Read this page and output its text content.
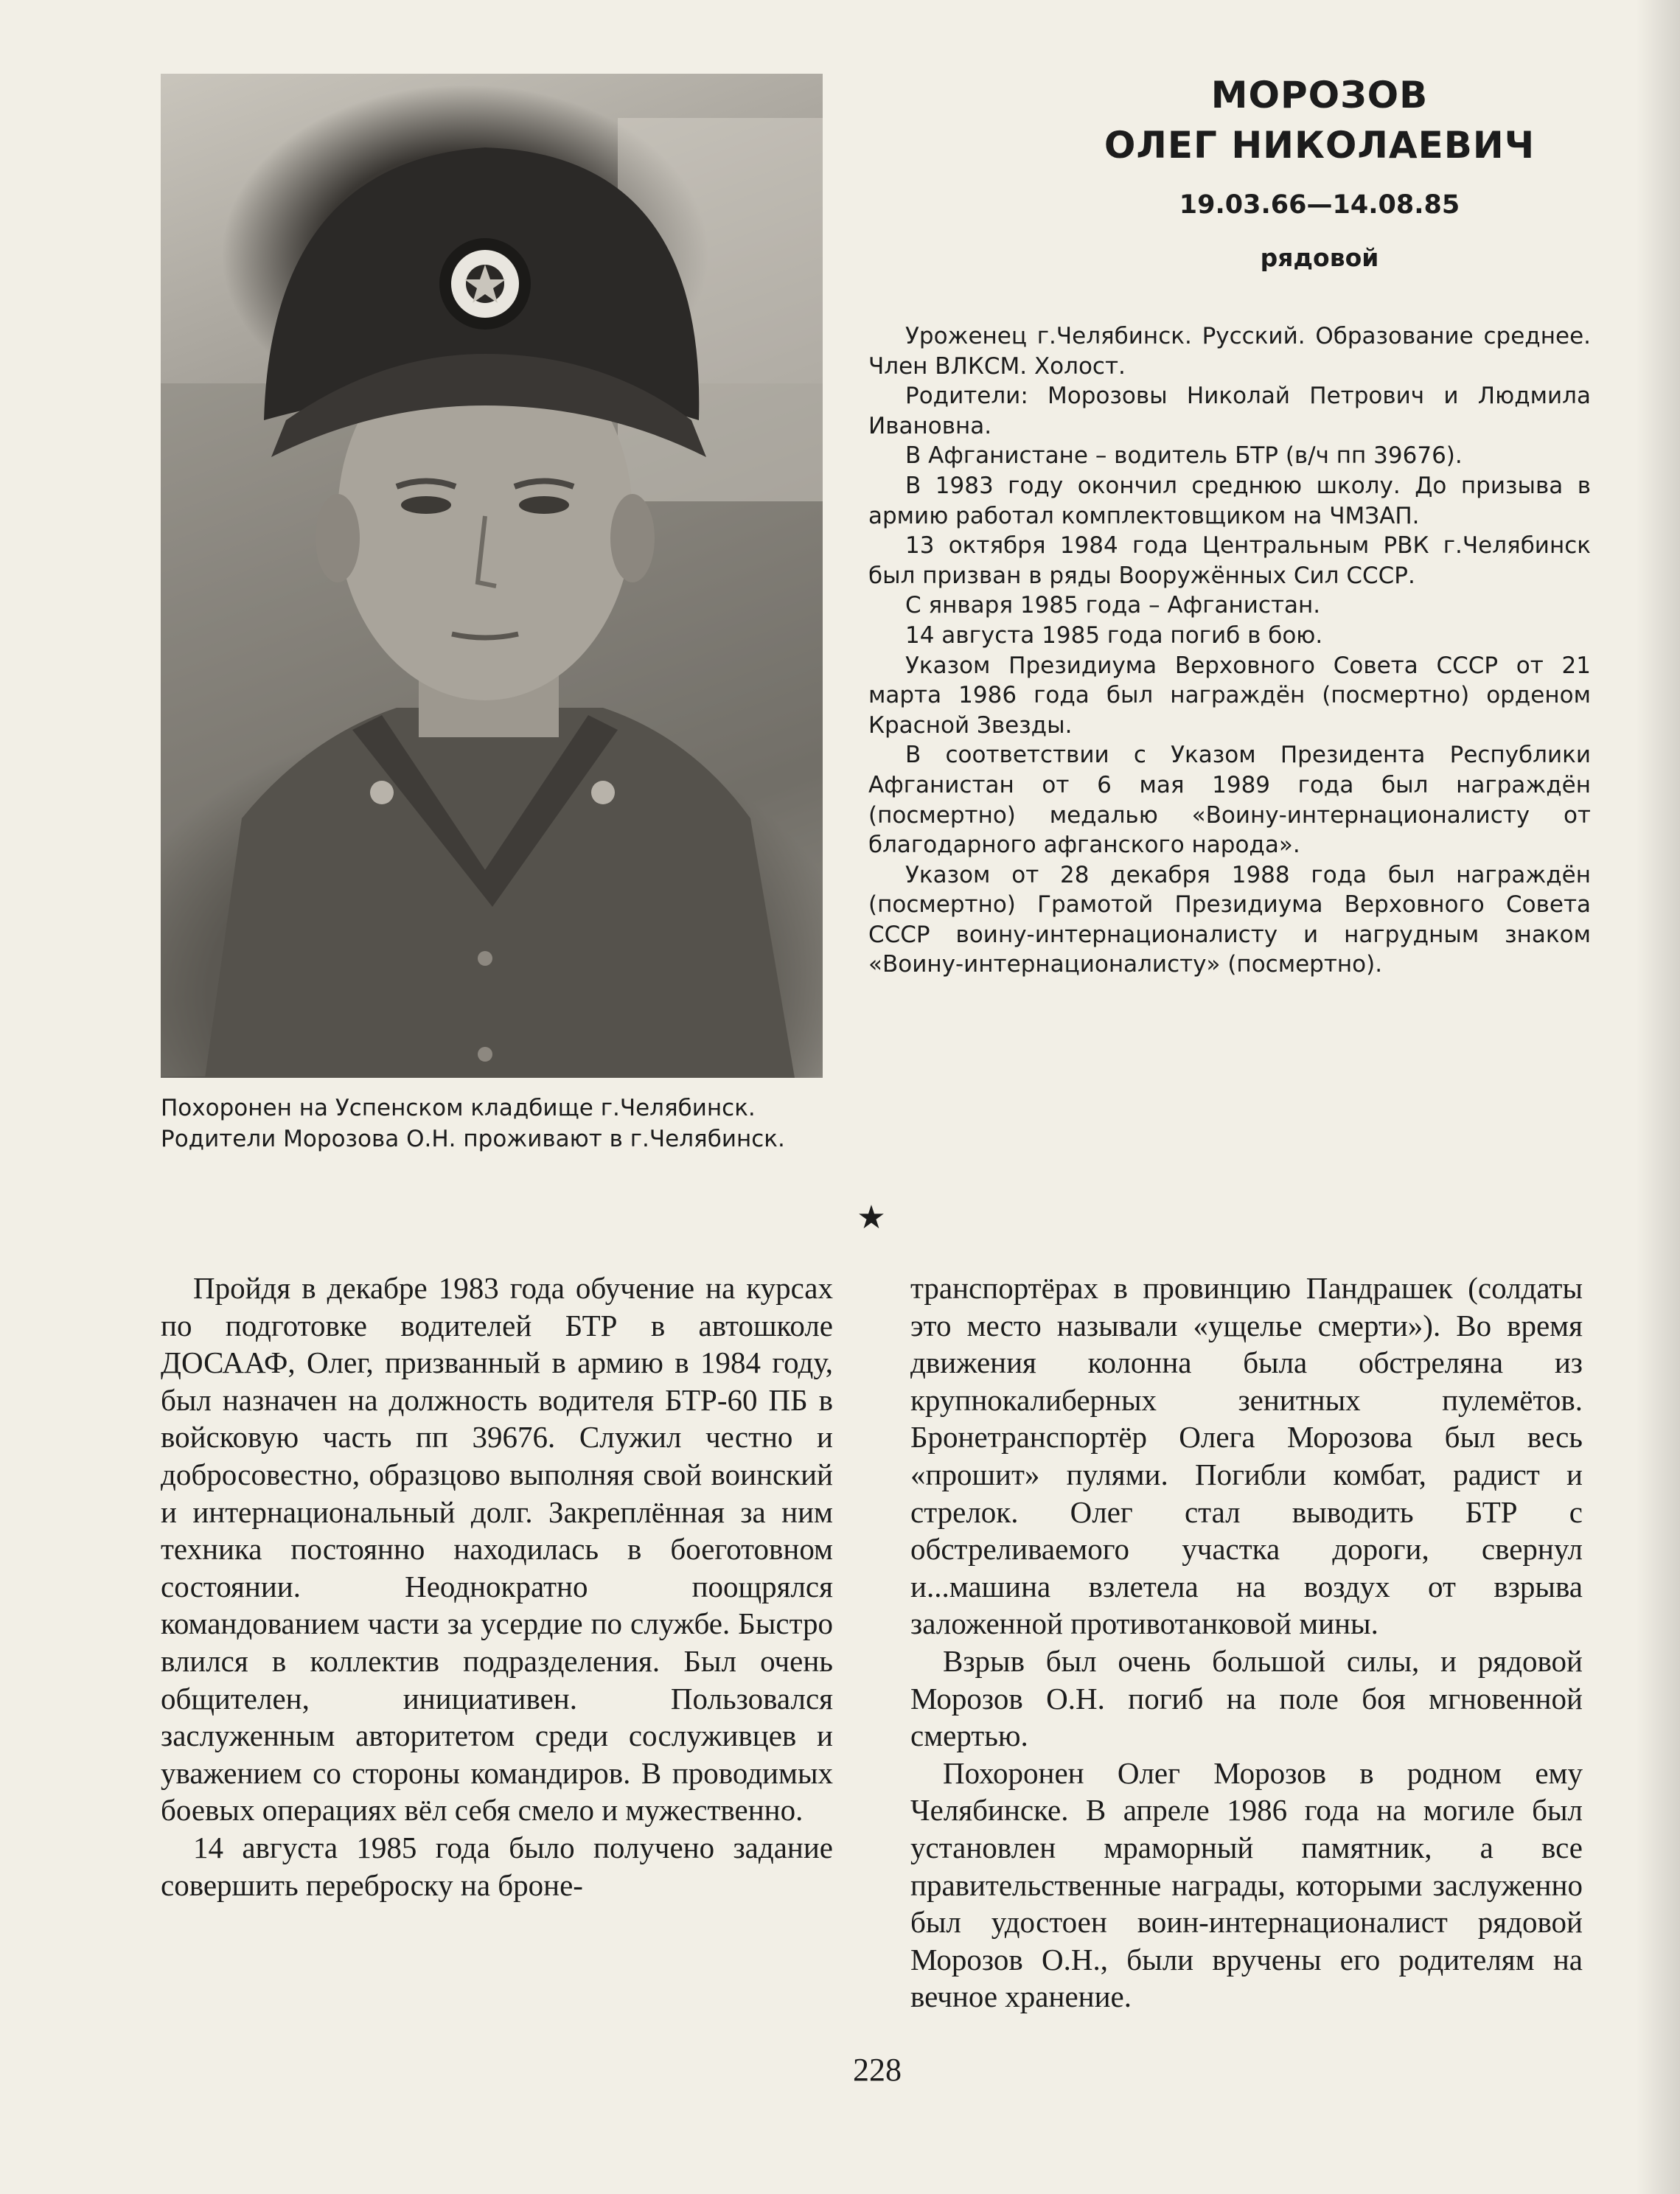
МОРОЗОВ
ОЛЕГ НИКОЛАЕВИЧ
19.03.66—14.08.85
рядовой

Уроженец г.Челябинск. Русский. Образование среднее. Член ВЛКСМ. Холост.

Родители: Морозовы Николай Петрович и Людмила Ивановна.

В Афганистане – водитель БТР (в/ч пп 39676).

В 1983 году окончил среднюю школу. До призыва в армию работал комплектовщиком на ЧМЗАП.

13 октября 1984 года Центральным РВК г.Челябинск был призван в ряды Вооружённых Сил СССР.

С января 1985 года – Афганистан.

14 августа 1985 года погиб в бою.

Указом Президиума Верховного Совета СССР от 21 марта 1986 года был награждён (посмертно) орденом Красной Звезды.

В соответствии с Указом Президента Республики Афганистан от 6 мая 1989 года был награждён (посмертно) медалью «Воину-интернационалисту от благодарного афганского народа».

Указом от 28 декабря 1988 года был награждён (посмертно) Грамотой Президиума Верховного Совета СССР воину-интернационалисту и нагрудным знаком «Воину-интернационалисту» (посмертно).

Похоронен на Успенском кладбище г.Челябинск.
Родители Морозова О.Н. проживают в г.Челябинск.
★

Пройдя в декабре 1983 года обучение на курсах по подготовке водителей БТР в автошколе ДОСААФ, Олег, призванный в армию в 1984 году, был назначен на должность водителя БТР-60 ПБ в войсковую часть пп 39676. Служил честно и добросовестно, образцово выполняя свой воинский и интернациональный долг. Закреплённая за ним техника постоянно находилась в боеготовном состоянии. Неоднократно поощрялся командованием части за усердие по службе. Быстро влился в коллектив подразделения. Был очень общителен, инициативен. Пользовался заслуженным авторитетом среди сослуживцев и уважением со стороны командиров. В проводимых боевых операциях вёл себя смело и мужественно.

14 августа 1985 года было получено задание совершить переброску на броне-

транспортёрах в провинцию Пандрашек (солдаты это место называли «ущелье смерти»). Во время движения колонна была обстреляна из крупнокалиберных зенитных пулемётов. Бронетранспортёр Олега Морозова был весь «прошит» пулями. Погибли комбат, радист и стрелок. Олег стал выводить БТР с обстреливаемого участка дороги, свернул и...машина взлетела на воздух от взрыва заложенной противотанковой мины.

Взрыв был очень большой силы, и рядовой Морозов О.Н. погиб на поле боя мгновенной смертью.

Похоронен Олег Морозов в родном ему Челябинске. В апреле 1986 года на могиле был установлен мраморный памятник, а все правительственные награды, которыми заслуженно был удостоен воин-интернационалист рядовой Морозов О.Н., были вручены его родителям на вечное хранение.

228
